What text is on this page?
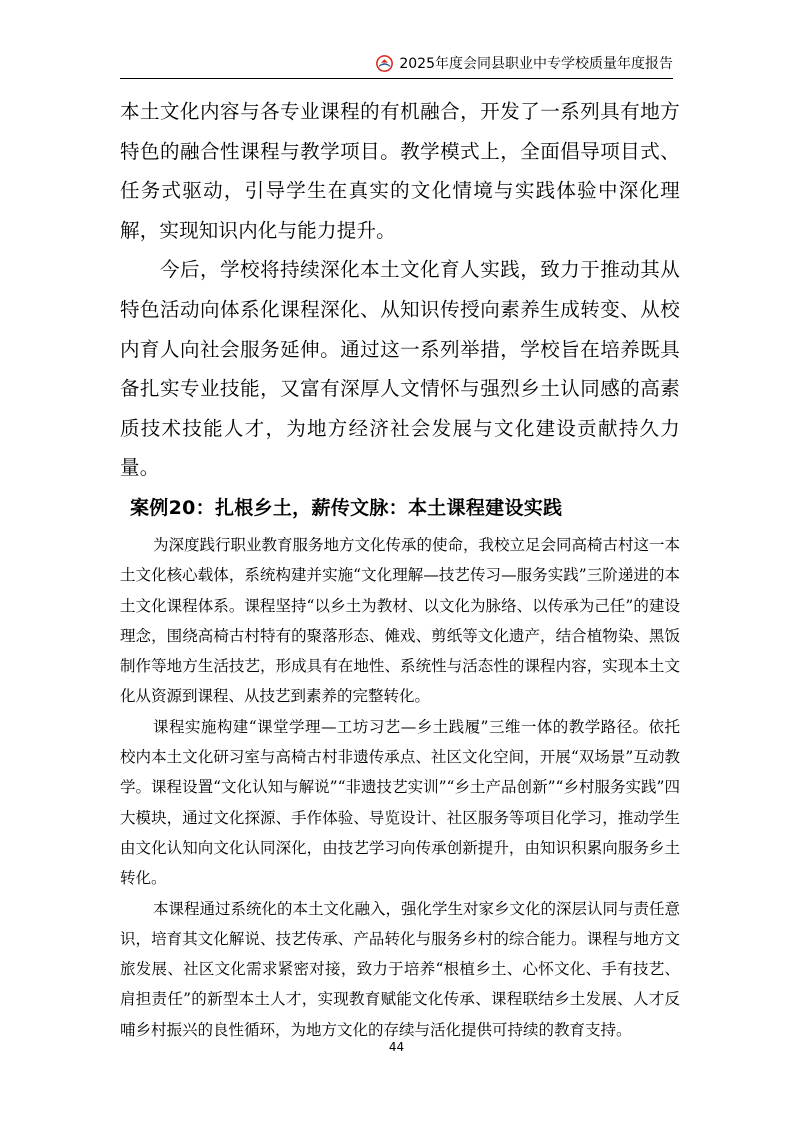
2025年度会同县职业中专学校质量年度报告

本土文化内容与各专业课程的有机融合，开发了一系列具有地方特色的融合性课程与教学项目。教学模式上，全面倡导项目式、任务式驱动，引导学生在真实的文化情境与实践体验中深化理解，实现知识内化与能力提升。

今后，学校将持续深化本土文化育人实践，致力于推动其从特色活动向体系化课程深化、从知识传授向素养生成转变、从校内育人向社会服务延伸。通过这一系列举措，学校旨在培养既具备扎实专业技能，又富有深厚人文情怀与强烈乡土认同感的高素质技术技能人才，为地方经济社会发展与文化建设贡献持久力量。

案例20：扎根乡土，薪传文脉：本土课程建设实践

为深度践行职业教育服务地方文化传承的使命，我校立足会同高椅古村这一本土文化核心载体，系统构建并实施“文化理解—技艺传习—服务实践”三阶递进的本土文化课程体系。课程坚持“以乡土为教材、以文化为脉络、以传承为己任”的建设理念，围绕高椅古村特有的聚落形态、傩戏、剪纸等文化遗产，结合植物染、黑饭制作等地方生活技艺，形成具有在地性、系统性与活态性的课程内容，实现本土文化从资源到课程、从技艺到素养的完整转化。

课程实施构建“课堂学理—工坊习艺—乡土践履”三维一体的教学路径。依托校内本土文化研习室与高椅古村非遗传承点、社区文化空间，开展“双场景”互动教学。课程设置“文化认知与解说”“非遗技艺实训”“乡土产品创新”“乡村服务实践”四大模块，通过文化探源、手作体验、导览设计、社区服务等项目化学习，推动学生由文化认知向文化认同深化，由技艺学习向传承创新提升，由知识积累向服务乡土转化。

本课程通过系统化的本土文化融入，强化学生对家乡文化的深层认同与责任意识，培育其文化解说、技艺传承、产品转化与服务乡村的综合能力。课程与地方文旅发展、社区文化需求紧密对接，致力于培养“根植乡土、心怀文化、手有技艺、肩担责任”的新型本土人才，实现教育赋能文化传承、课程联结乡土发展、人才反哺乡村振兴的良性循环，为地方文化的存续与活化提供可持续的教育支持。

44
